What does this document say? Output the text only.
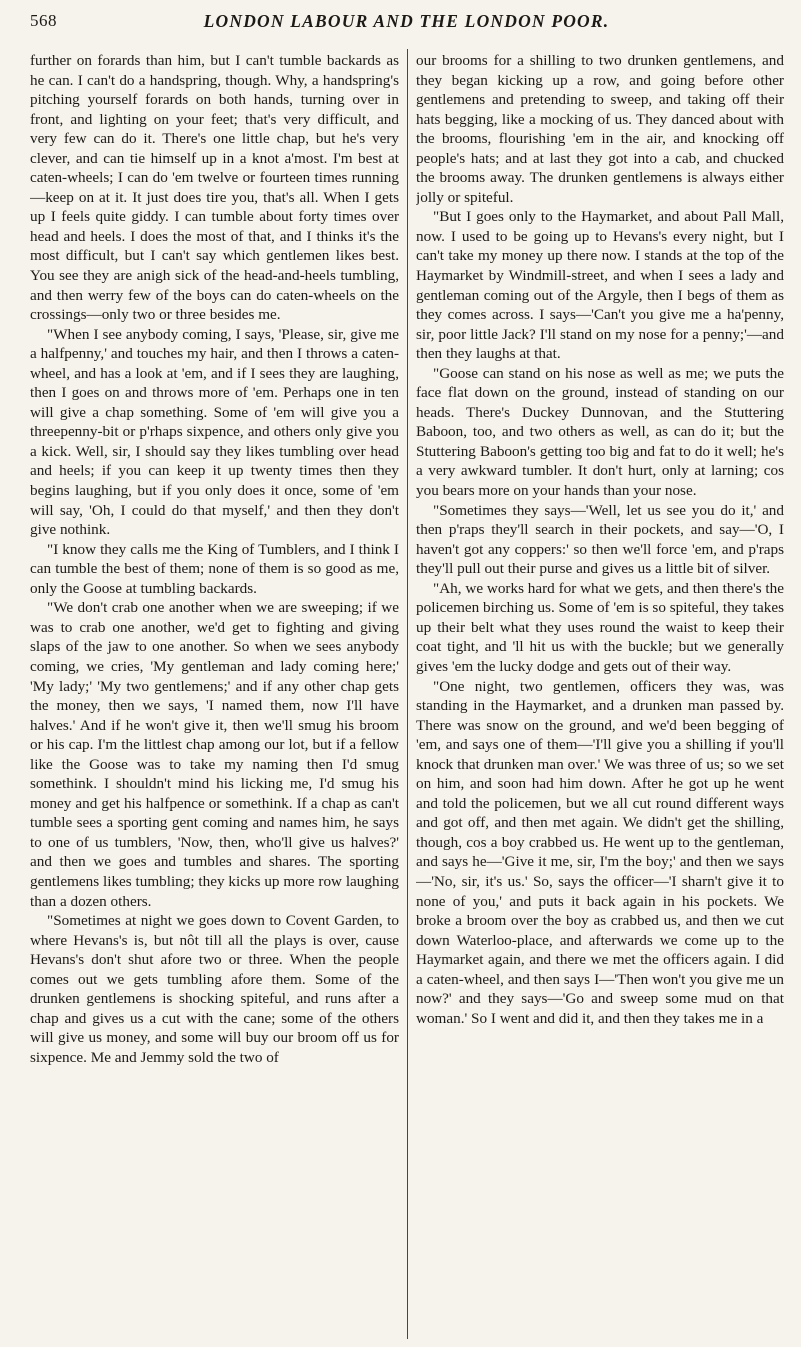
568	LONDON LABOUR AND THE LONDON POOR.

further on forards than him, but I can't tumble backards as he can. I can't do a handspring, though. Why, a handspring's pitching yourself forards on both hands, turning over in front, and lighting on your feet; that's very difficult, and very few can do it. There's one little chap, but he's very clever, and can tie himself up in a knot a'most. I'm best at caten-wheels; I can do 'em twelve or fourteen times running—keep on at it. It just does tire you, that's all. When I gets up I feels quite giddy. I can tumble about forty times over head and heels. I does the most of that, and I thinks it's the most difficult, but I can't say which gentlemen likes best. You see they are anigh sick of the head-and-heels tumbling, and then werry few of the boys can do caten-wheels on the crossings—only two or three besides me.

"When I see anybody coming, I says, 'Please, sir, give me a halfpenny,' and touches my hair, and then I throws a caten-wheel, and has a look at 'em, and if I sees they are laughing, then I goes on and throws more of 'em. Perhaps one in ten will give a chap something. Some of 'em will give you a threepenny-bit or p'rhaps sixpence, and others only give you a kick. Well, sir, I should say they likes tumbling over head and heels; if you can keep it up twenty times then they begins laughing, but if you only does it once, some of 'em will say, 'Oh, I could do that myself,' and then they don't give nothink.

"I know they calls me the King of Tumblers, and I think I can tumble the best of them; none of them is so good as me, only the Goose at tumbling backards.

"We don't crab one another when we are sweeping; if we was to crab one another, we'd get to fighting and giving slaps of the jaw to one another. So when we sees anybody coming, we cries, 'My gentleman and lady coming here;' 'My lady;' 'My two gentlemens;' and if any other chap gets the money, then we says, 'I named them, now I'll have halves.' And if he won't give it, then we'll smug his broom or his cap. I'm the littlest chap among our lot, but if a fellow like the Goose was to take my naming then I'd smug somethink. I shouldn't mind his licking me, I'd smug his money and get his halfpence or somethink. If a chap as can't tumble sees a sporting gent coming and names him, he says to one of us tumblers, 'Now, then, who'll give us halves?' and then we goes and tumbles and shares. The sporting gentlemens likes tumbling; they kicks up more row laughing than a dozen others.

"Sometimes at night we goes down to Covent Garden, to where Hevans's is, but nôt till all the plays is over, cause Hevans's don't shut afore two or three. When the people comes out we gets tumbling afore them. Some of the drunken gentlemens is shocking spiteful, and runs after a chap and gives us a cut with the cane; some of the others will give us money, and some will buy our broom off us for sixpence. Me and Jemmy sold the two of

our brooms for a shilling to two drunken gentlemens, and they began kicking up a row, and going before other gentlemens and pretending to sweep, and taking off their hats begging, like a mocking of us. They danced about with the brooms, flourishing 'em in the air, and knocking off people's hats; and at last they got into a cab, and chucked the brooms away. The drunken gentlemens is always either jolly or spiteful.

"But I goes only to the Haymarket, and about Pall Mall, now. I used to be going up to Hevans's every night, but I can't take my money up there now. I stands at the top of the Haymarket by Windmill-street, and when I sees a lady and gentleman coming out of the Argyle, then I begs of them as they comes across. I says—'Can't you give me a ha'penny, sir, poor little Jack? I'll stand on my nose for a penny;'—and then they laughs at that.

"Goose can stand on his nose as well as me; we puts the face flat down on the ground, instead of standing on our heads. There's Duckey Dunnovan, and the Stuttering Baboon, too, and two others as well, as can do it; but the Stuttering Baboon's getting too big and fat to do it well; he's a very awkward tumbler. It don't hurt, only at larning; cos you bears more on your hands than your nose.

"Sometimes they says—'Well, let us see you do it,' and then p'raps they'll search in their pockets, and say—'O, I haven't got any coppers:' so then we'll force 'em, and p'raps they'll pull out their purse and gives us a little bit of silver.

"Ah, we works hard for what we gets, and then there's the policemen birching us. Some of 'em is so spiteful, they takes up their belt what they uses round the waist to keep their coat tight, and 'll hit us with the buckle; but we generally gives 'em the lucky dodge and gets out of their way.

"One night, two gentlemen, officers they was, was standing in the Haymarket, and a drunken man passed by. There was snow on the ground, and we'd been begging of 'em, and says one of them—'I'll give you a shilling if you'll knock that drunken man over.' We was three of us; so we set on him, and soon had him down. After he got up he went and told the policemen, but we all cut round different ways and got off, and then met again. We didn't get the shilling, though, cos a boy crabbed us. He went up to the gentleman, and says he—'Give it me, sir, I'm the boy;' and then we says—'No, sir, it's us.' So, says the officer—'I sharn't give it to none of you,' and puts it back again in his pockets. We broke a broom over the boy as crabbed us, and then we cut down Waterloo-place, and afterwards we come up to the Haymarket again, and there we met the officers again. I did a caten-wheel, and then says I—'Then won't you give me un now?' and they says—'Go and sweep some mud on that woman.' So I went and did it, and then they takes me in a
